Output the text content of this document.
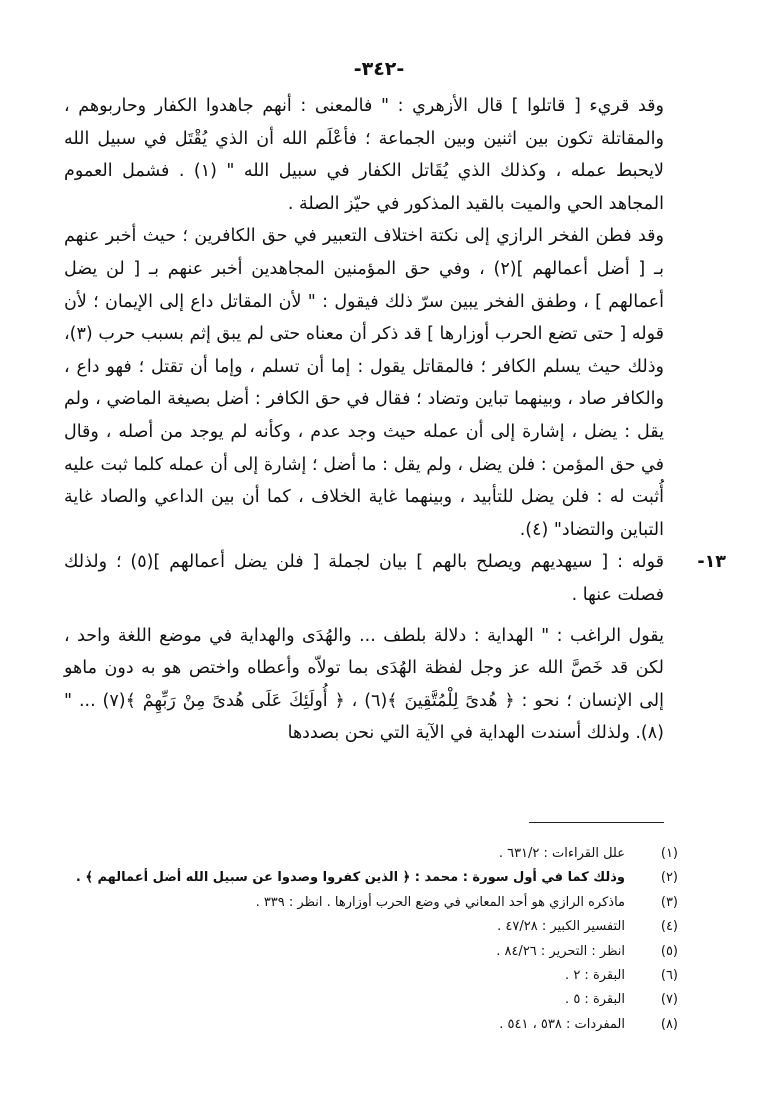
-٣٤٢-

وقد قريء [ قاتلوا ] قال الأزهري : " فالمعنى : أنهم جاهدوا الكفار وحاربوهم ، والمقاتلة تكون بين اثنين وبين الجماعة ؛ فأعْلَم الله أن الذي يُقْتَل في سبيل الله لايحبط عمله ، وكذلك الذي يُقَاتل الكفار في سبيل الله " (١) . فشمل العموم المجاهد الحي والميت بالقيد المذكور في حيّز الصلة .

وقد فطن الفخر الرازي إلى نكتة اختلاف التعبير في حق الكافرين ؛ حيث أخبر عنهم بـ [ أضل أعمالهم ](٢) ، وفي حق المؤمنين المجاهدين أخبر عنهم بـ [ لن يضل أعمالهم ] ، وطفق الفخر يبين سرّ ذلك فيقول : " لأن المقاتل داع إلى الإيمان ؛ لأن قوله [ حتى تضع الحرب أوزارها ] قد ذكر أن معناه حتى لم يبق إثم بسبب حرب (٣)، وذلك حيث يسلم الكافر ؛ فالمقاتل يقول : إما أن تسلم ، وإما أن تقتل ؛ فهو داع ، والكافر صاد ، وبينهما تباين وتضاد ؛ فقال في حق الكافر : أضل بصيغة الماضي ، ولم يقل : يضل ، إشارة إلى أن عمله حيث وجد عدم ، وكأنه لم يوجد من أصله ، وقال في حق المؤمن : فلن يضل ، ولم يقل : ما أضل ؛ إشارة إلى أن عمله كلما ثبت عليه أُثبت له : فلن يضل للتأبيد ، وبينهما غاية الخلاف ، كما أن بين الداعي والصاد غاية التباين والتضاد" (٤).

١٣-

قوله : [ سيهديهم ويصلح بالهم ] بيان لجملة [ فلن يضل أعمالهم ](٥) ؛ ولذلك فصلت عنها .

يقول الراغب : " الهداية : دلالة بلطف ... والهُدَى والهداية في موضع اللغة واحد ، لكن قد خَصَّ الله عز وجل لفظة الهُدَى بما تولاّه وأعطاه واختص هو به دون ماهو إلى الإنسان ؛ نحو : ﴿ هُدىً لِلْمُتَّقِينَ ﴾(٦) ، ﴿ أُولَئِكَ عَلَى هُدىً مِنْ رَبِّهِمْ ﴾(٧) ... " (٨). ولذلك أسندت الهداية في الآية التي نحن بصددها

(١)
علل القراءات : ٦٣١/٢ .
(٢)
وذلك كما في أول سورة : محمد : ﴿ الذين كفروا وصدوا عن سبيل الله أضل أعمالهم ﴾ .
(٣)
ماذكره الرازي هو أحد المعاني في وضع الحرب أوزارها . انظر : ٣٣٩ .
(٤)
التفسير الكبير : ٤٧/٢٨ .
(٥)
انظر : التحرير : ٨٤/٢٦ .
(٦)
البقرة : ٢ .
(٧)
البقرة : ٥ .
(٨)
المفردات : ٥٣٨ ، ٥٤١ .
